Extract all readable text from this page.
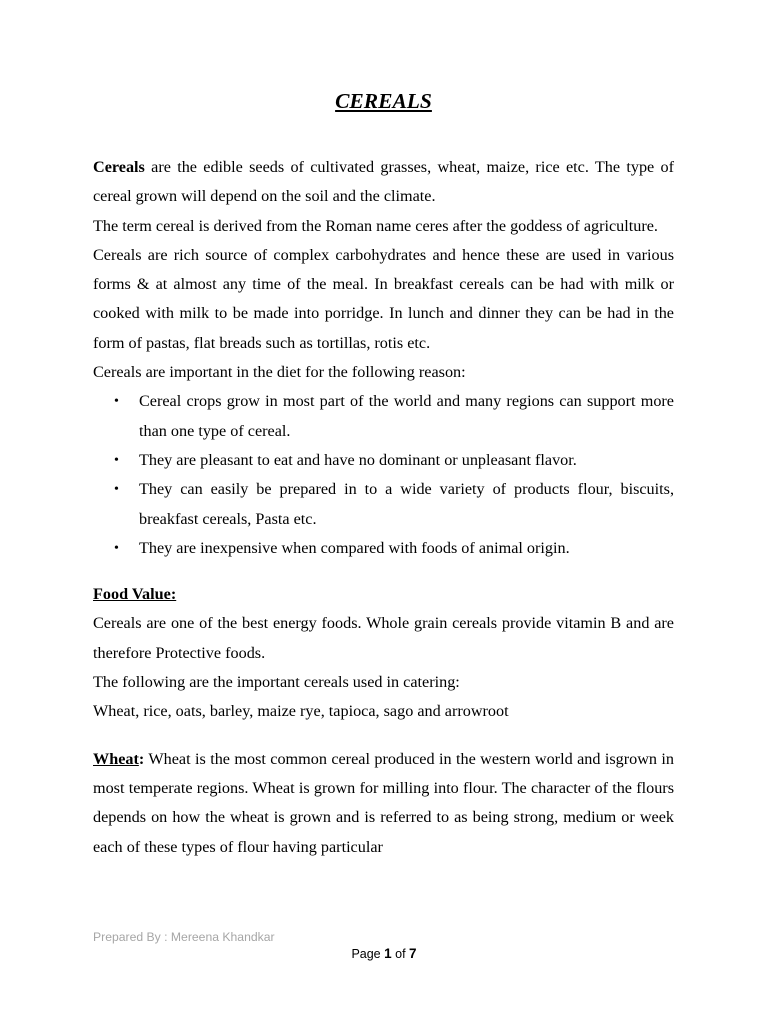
CEREALS

Cereals are the edible seeds of cultivated grasses, wheat, maize, rice etc. The type of cereal grown will depend on the soil and the climate.

The term cereal is derived from the Roman name ceres after the goddess of agriculture.

Cereals are rich source of complex carbohydrates and hence these are used in various forms & at almost any time of the meal. In breakfast cereals can be had with milk or cooked with milk to be made into porridge. In lunch and dinner they can be had in the form of pastas, flat breads such as tortillas, rotis etc.

Cereals are important in the diet for the following reason:

• Cereal crops grow in most part of the world and many regions can support more than one type of cereal.
• They are pleasant to eat and have no dominant or unpleasant flavor.
• They can easily be prepared in to a wide variety of products flour, biscuits, breakfast cereals, Pasta etc.
• They are inexpensive when compared with foods of animal origin.

Food Value:

Cereals are one of the best energy foods. Whole grain cereals provide vitamin B and are therefore Protective foods.

The following are the important cereals used in catering:

Wheat, rice, oats, barley, maize rye, tapioca, sago and arrowroot

Wheat: Wheat is the most common cereal produced in the western world and isgrown in most temperate regions. Wheat is grown for milling into flour. The character of the flours depends on how the wheat is grown and is referred to as being strong, medium or week each of these types of flour having particular

Prepared By : Mereena Khandkar
Page 1 of 7
